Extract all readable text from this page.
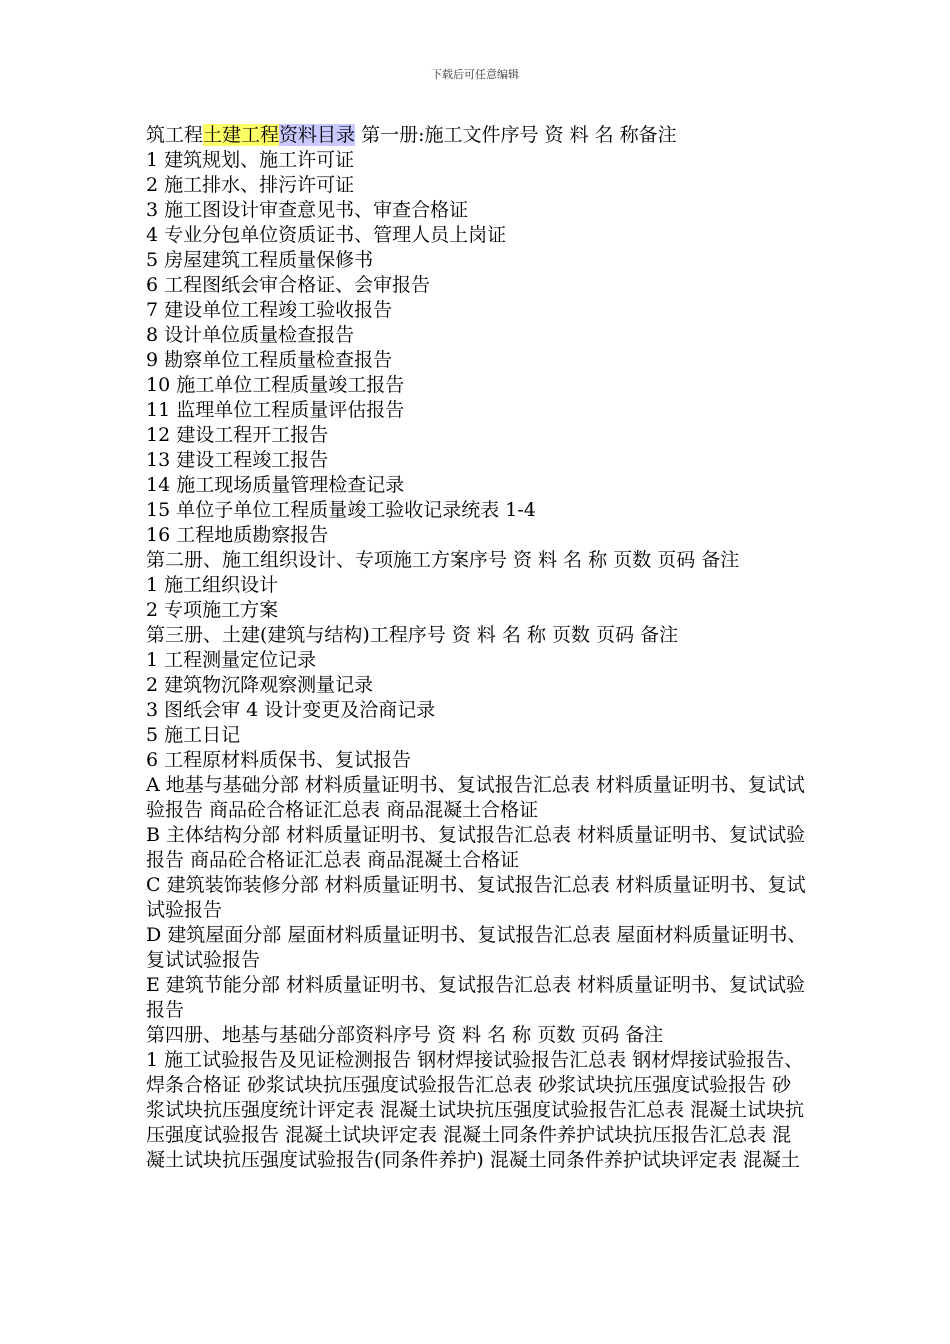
下载后可任意编辑
筑工程土建工程资料目录 第一册:施工文件序号 资 料 名 称备注
1 建筑规划、施工许可证
2 施工排水、排污许可证
3 施工图设计审查意见书、审查合格证
4 专业分包单位资质证书、管理人员上岗证
5 房屋建筑工程质量保修书
6 工程图纸会审合格证、会审报告
7 建设单位工程竣工验收报告
8 设计单位质量检查报告
9 勘察单位工程质量检查报告
10 施工单位工程质量竣工报告
11 监理单位工程质量评估报告
12 建设工程开工报告
13 建设工程竣工报告
14 施工现场质量管理检查记录
15 单位子单位工程质量竣工验收记录统表 1-4
16 工程地质勘察报告
第二册、施工组织设计、专项施工方案序号 资 料 名 称 页数 页码 备注
1 施工组织设计
2 专项施工方案
第三册、土建(建筑与结构)工程序号 资 料 名 称 页数 页码 备注
1 工程测量定位记录
2 建筑物沉降观察测量记录
3 图纸会审 4 设计变更及洽商记录
5 施工日记
6 工程原材料质保书、复试报告
A 地基与基础分部 材料质量证明书、复试报告汇总表 材料质量证明书、复试试验报告 商品砼合格证汇总表 商品混凝土合格证
B 主体结构分部 材料质量证明书、复试报告汇总表 材料质量证明书、复试试验报告 商品砼合格证汇总表 商品混凝土合格证
C 建筑装饰装修分部 材料质量证明书、复试报告汇总表 材料质量证明书、复试试验报告
D 建筑屋面分部 屋面材料质量证明书、复试报告汇总表 屋面材料质量证明书、复试试验报告
E 建筑节能分部 材料质量证明书、复试报告汇总表 材料质量证明书、复试试验报告
第四册、地基与基础分部资料序号 资 料 名 称 页数 页码 备注
1 施工试验报告及见证检测报告 钢材焊接试验报告汇总表 钢材焊接试验报告、焊条合格证 砂浆试块抗压强度试验报告汇总表 砂浆试块抗压强度试验报告 砂浆试块抗压强度统计评定表 混凝土试块抗压强度试验报告汇总表 混凝土试块抗压强度试验报告 混凝土试块评定表 混凝土同条件养护试块抗压报告汇总表 混凝土试块抗压强度试验报告(同条件养护) 混凝土同条件养护试块评定表 混凝土
